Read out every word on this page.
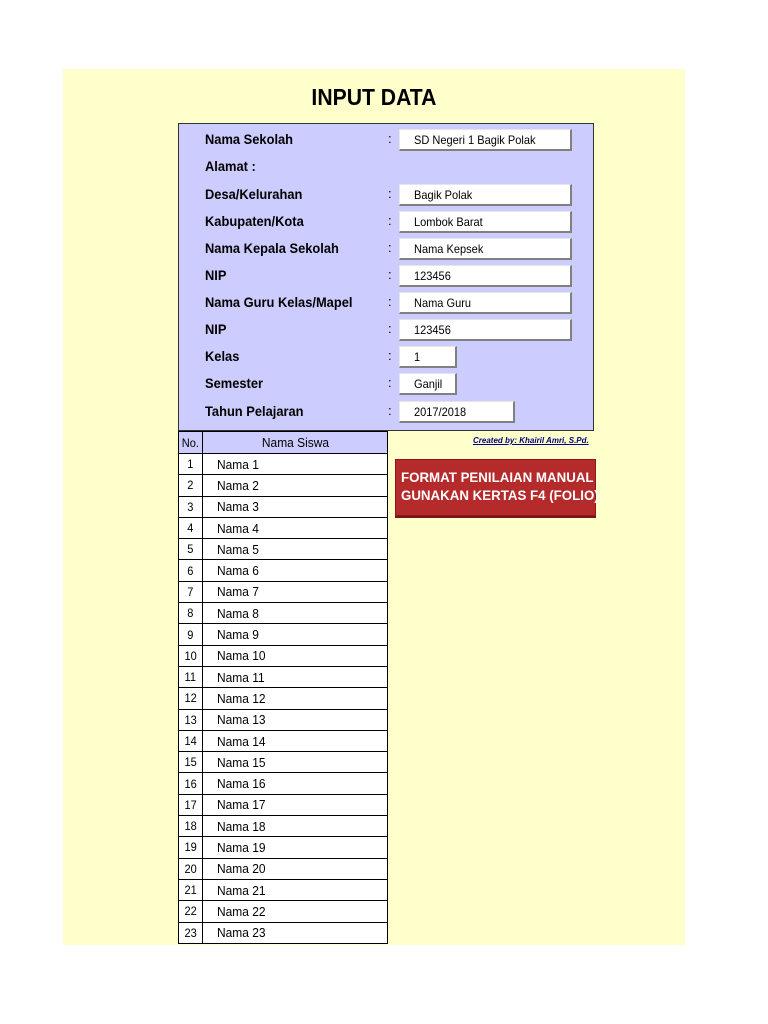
INPUT DATA
Nama Sekolah	:	SD Negeri 1 Bagik Polak
Alamat :
Desa/Kelurahan	:	Bagik Polak
Kabupaten/Kota	:	Lombok Barat
Nama Kepala Sekolah	:	Nama Kepsek
NIP	:	123456
Nama Guru Kelas/Mapel	:	Nama Guru
NIP	:	123456
Kelas	:	1
Semester	:	Ganjil
Tahun Pelajaran	:	2017/2018
No.	Nama Siswa
1	Nama 1
2	Nama 2
3	Nama 3
4	Nama 4
5	Nama 5
6	Nama 6
7	Nama 7
8	Nama 8
9	Nama 9
10	Nama 10
11	Nama 11
12	Nama 12
13	Nama 13
14	Nama 14
15	Nama 15
16	Nama 16
17	Nama 17
18	Nama 18
19	Nama 19
20	Nama 20
21	Nama 21
22	Nama 22
23	Nama 23
Created by: Khairil Amri, S.Pd.
FORMAT PENILAIAN MANUAL
GUNAKAN KERTAS F4 (FOLIO)
